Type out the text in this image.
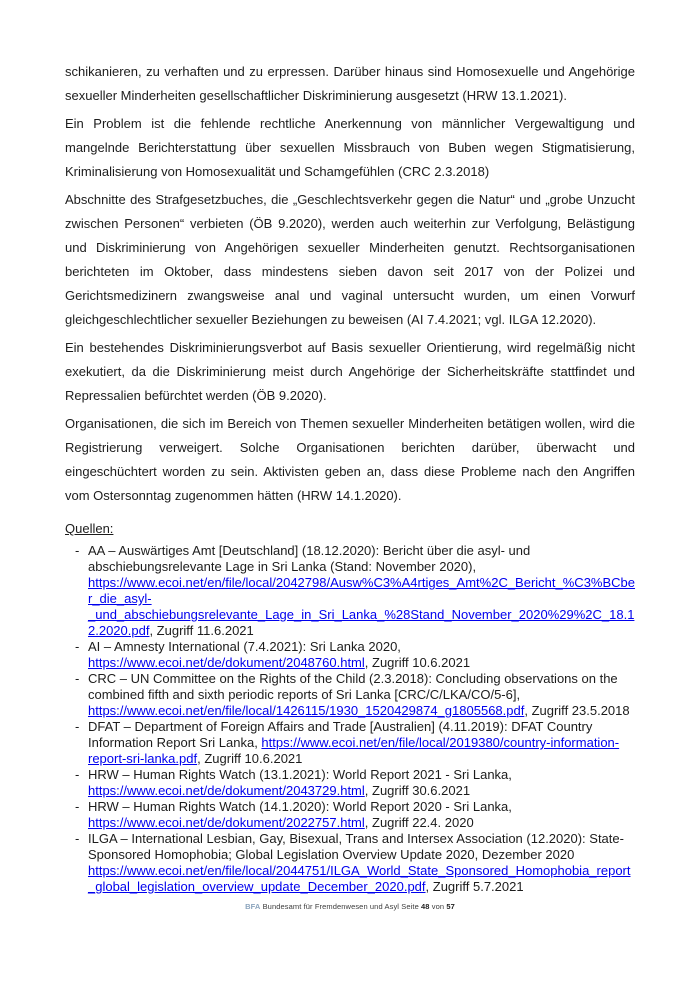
schikanieren, zu verhaften und zu erpressen. Darüber hinaus sind Homosexuelle und Angehörige sexueller Minderheiten gesellschaftlicher Diskriminierung ausgesetzt (HRW 13.1.2021).

Ein Problem ist die fehlende rechtliche Anerkennung von männlicher Vergewaltigung und mangelnde Berichterstattung über sexuellen Missbrauch von Buben wegen Stigmatisierung, Kriminalisierung von Homosexualität und Schamgefühlen (CRC 2.3.2018)

Abschnitte des Strafgesetzbuches, die „Geschlechtsverkehr gegen die Natur“ und „grobe Unzucht zwischen Personen“ verbieten (ÖB 9.2020), werden auch weiterhin zur Verfolgung, Belästigung und Diskriminierung von Angehörigen sexueller Minderheiten genutzt. Rechtsorganisationen berichteten im Oktober, dass mindestens sieben davon seit 2017 von der Polizei und Gerichtsmedizinern zwangsweise anal und vaginal untersucht wurden, um einen Vorwurf gleichgeschlechtlicher sexueller Beziehungen zu beweisen (AI 7.4.2021; vgl. ILGA 12.2020).

Ein bestehendes Diskriminierungsverbot auf Basis sexueller Orientierung, wird regelmäßig nicht exekutiert, da die Diskriminierung meist durch Angehörige der Sicherheitskräfte stattfindet und Repressalien befürchtet werden (ÖB 9.2020).

Organisationen, die sich im Bereich von Themen sexueller Minderheiten betätigen wollen, wird die Registrierung verweigert. Solche Organisationen berichten darüber, überwacht und eingeschüchtert worden zu sein. Aktivisten geben an, dass diese Probleme nach den Angriffen vom Ostersonntag zugenommen hätten (HRW 14.1.2020).

Quellen:
- AA – Auswärtiges Amt [Deutschland] (18.12.2020): Bericht über die asyl- und abschiebungsrelevante Lage in Sri Lanka (Stand: November 2020), https://www.ecoi.net/en/file/local/2042798/Ausw%C3%A4rtiges_Amt%2C_Bericht_%C3%BCber_die_asyl-_und_abschiebungsrelevante_Lage_in_Sri_Lanka_%28Stand_November_2020%29%2C_18.12.2020.pdf, Zugriff 11.6.2021
- AI – Amnesty International (7.4.2021): Sri Lanka 2020, https://www.ecoi.net/de/dokument/2048760.html, Zugriff 10.6.2021
- CRC – UN Committee on the Rights of the Child (2.3.2018): Concluding observations on the combined fifth and sixth periodic reports of Sri Lanka [CRC/C/LKA/CO/5-6], https://www.ecoi.net/en/file/local/1426115/1930_1520429874_g1805568.pdf, Zugriff 23.5.2018
- DFAT – Department of Foreign Affairs and Trade [Australien] (4.11.2019): DFAT Country Information Report Sri Lanka, https://www.ecoi.net/en/file/local/2019380/country-information-report-sri-lanka.pdf, Zugriff 10.6.2021
- HRW – Human Rights Watch (13.1.2021): World Report 2021 - Sri Lanka, https://www.ecoi.net/de/dokument/2043729.html, Zugriff 30.6.2021
- HRW – Human Rights Watch (14.1.2020): World Report 2020 - Sri Lanka, https://www.ecoi.net/de/dokument/2022757.html, Zugriff 22.4. 2020
- ILGA – International Lesbian, Gay, Bisexual, Trans and Intersex Association (12.2020): State-Sponsored Homophobia; Global Legislation Overview Update 2020, Dezember 2020 https://www.ecoi.net/en/file/local/2044751/ILGA_World_State_Sponsored_Homophobia_report_global_legislation_overview_update_December_2020.pdf, Zugriff 5.7.2021
BFA Bundesamt für Fremdenwesen und Asyl Seite 48 von 57
